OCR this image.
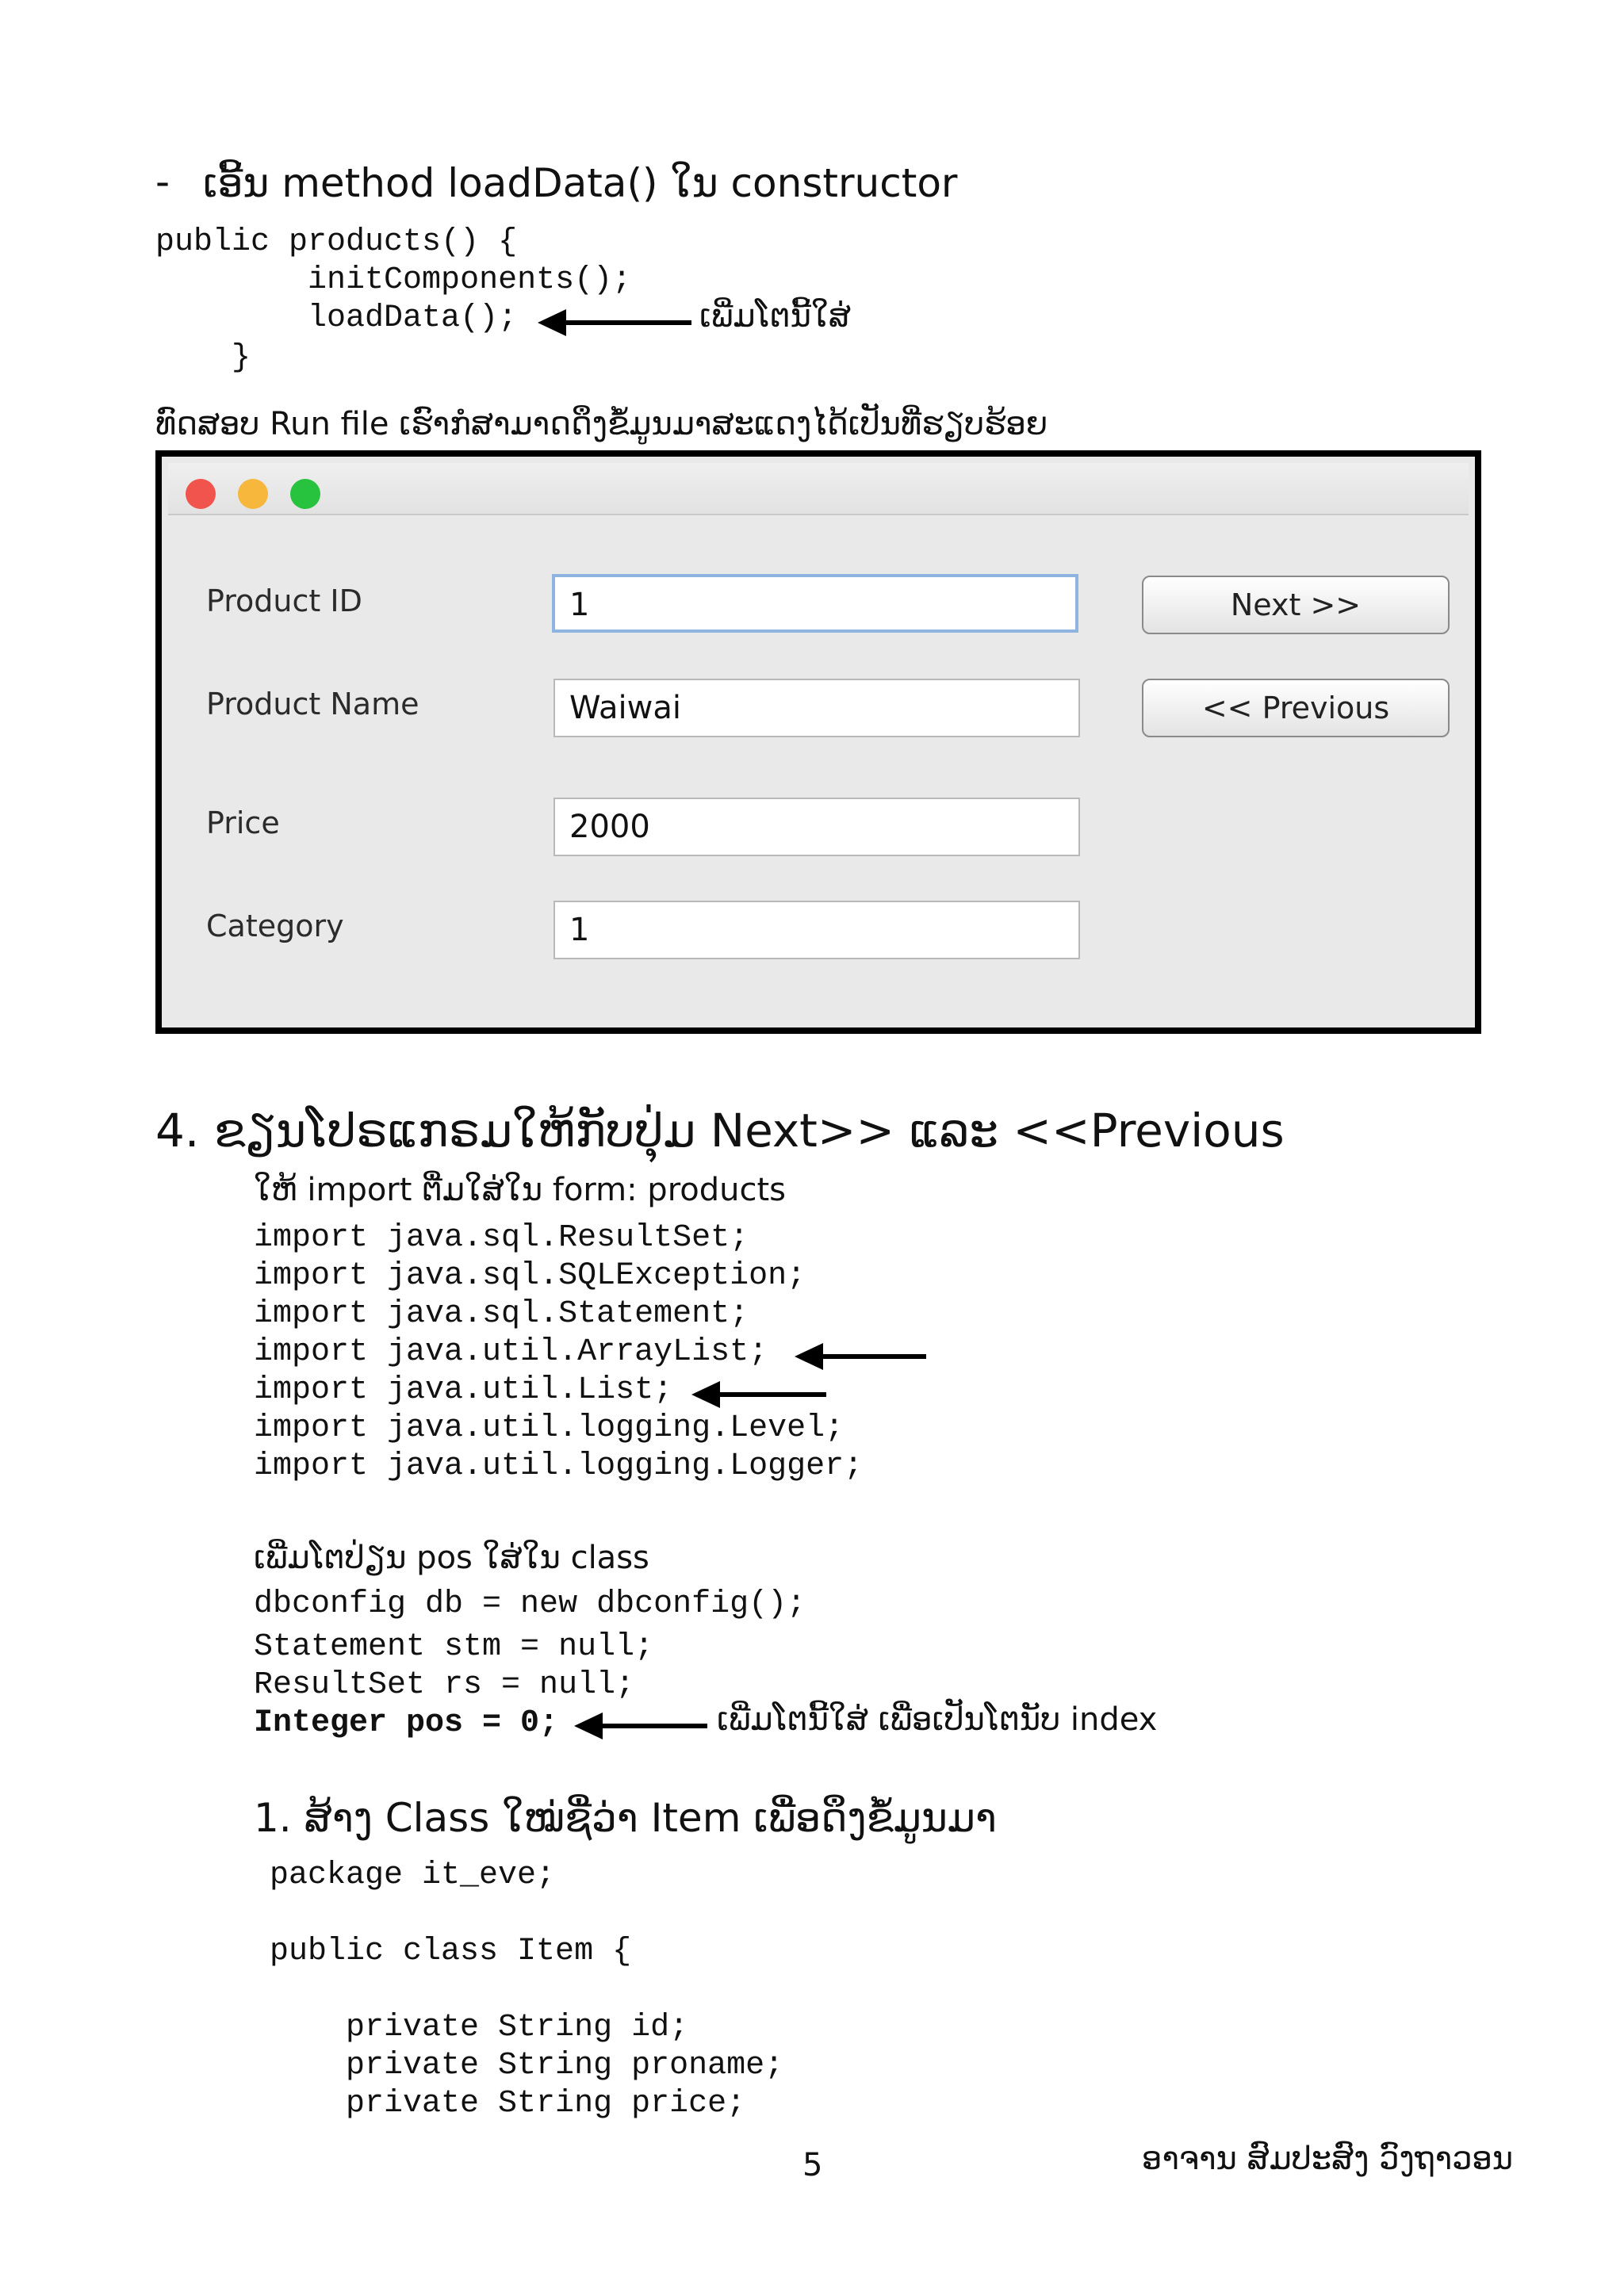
- ເອີ້ນ method loadData() ໃນ constructor
public products() {
initComponents();
loadData();
}
ເພີ່ມໂຕນີ້ໃສ່
ທົດສອບ Run file ເຮົາກໍສາມາດດຶງຂໍ້ມູນມາສະແດງໄດ້ເປັນທີ່ຮຽບຮ້ອຍ
Product ID	1
Product Name	Waiwai
Price	2000
Category	1
Next >>
<< Previous
4. ຂຽນໂປຣແກຣມໃຫ້ກັບປຸ່ມ Next>> ແລະ <<Previous
ໃຫ້ import ຕື່ມໃສ່ໃນ form: products
import java.sql.ResultSet;
import java.sql.SQLException;
import java.sql.Statement;
import java.util.ArrayList;
import java.util.List;
import java.util.logging.Level;
import java.util.logging.Logger;
ເພີ່ມໂຕປ່ຽນ pos ໃສ່ໃນ class
dbconfig db = new dbconfig();
Statement stm = null;
ResultSet rs = null;
Integer pos = 0;	ເພີ່ມໂຕນີ້ໃສ່ ເພື່ອເປັນໂຕນັບ index
1. ສ້າງ Class ໃໝ່ຊື່ວ່າ Item ເພື່ອດຶງຂໍ້ມູນມາ
package it_eve;
public class Item {
private String id;
private String proname;
private String price;
5	ອາຈານ ສົມປະສົງ ວົງຖາວອນ
